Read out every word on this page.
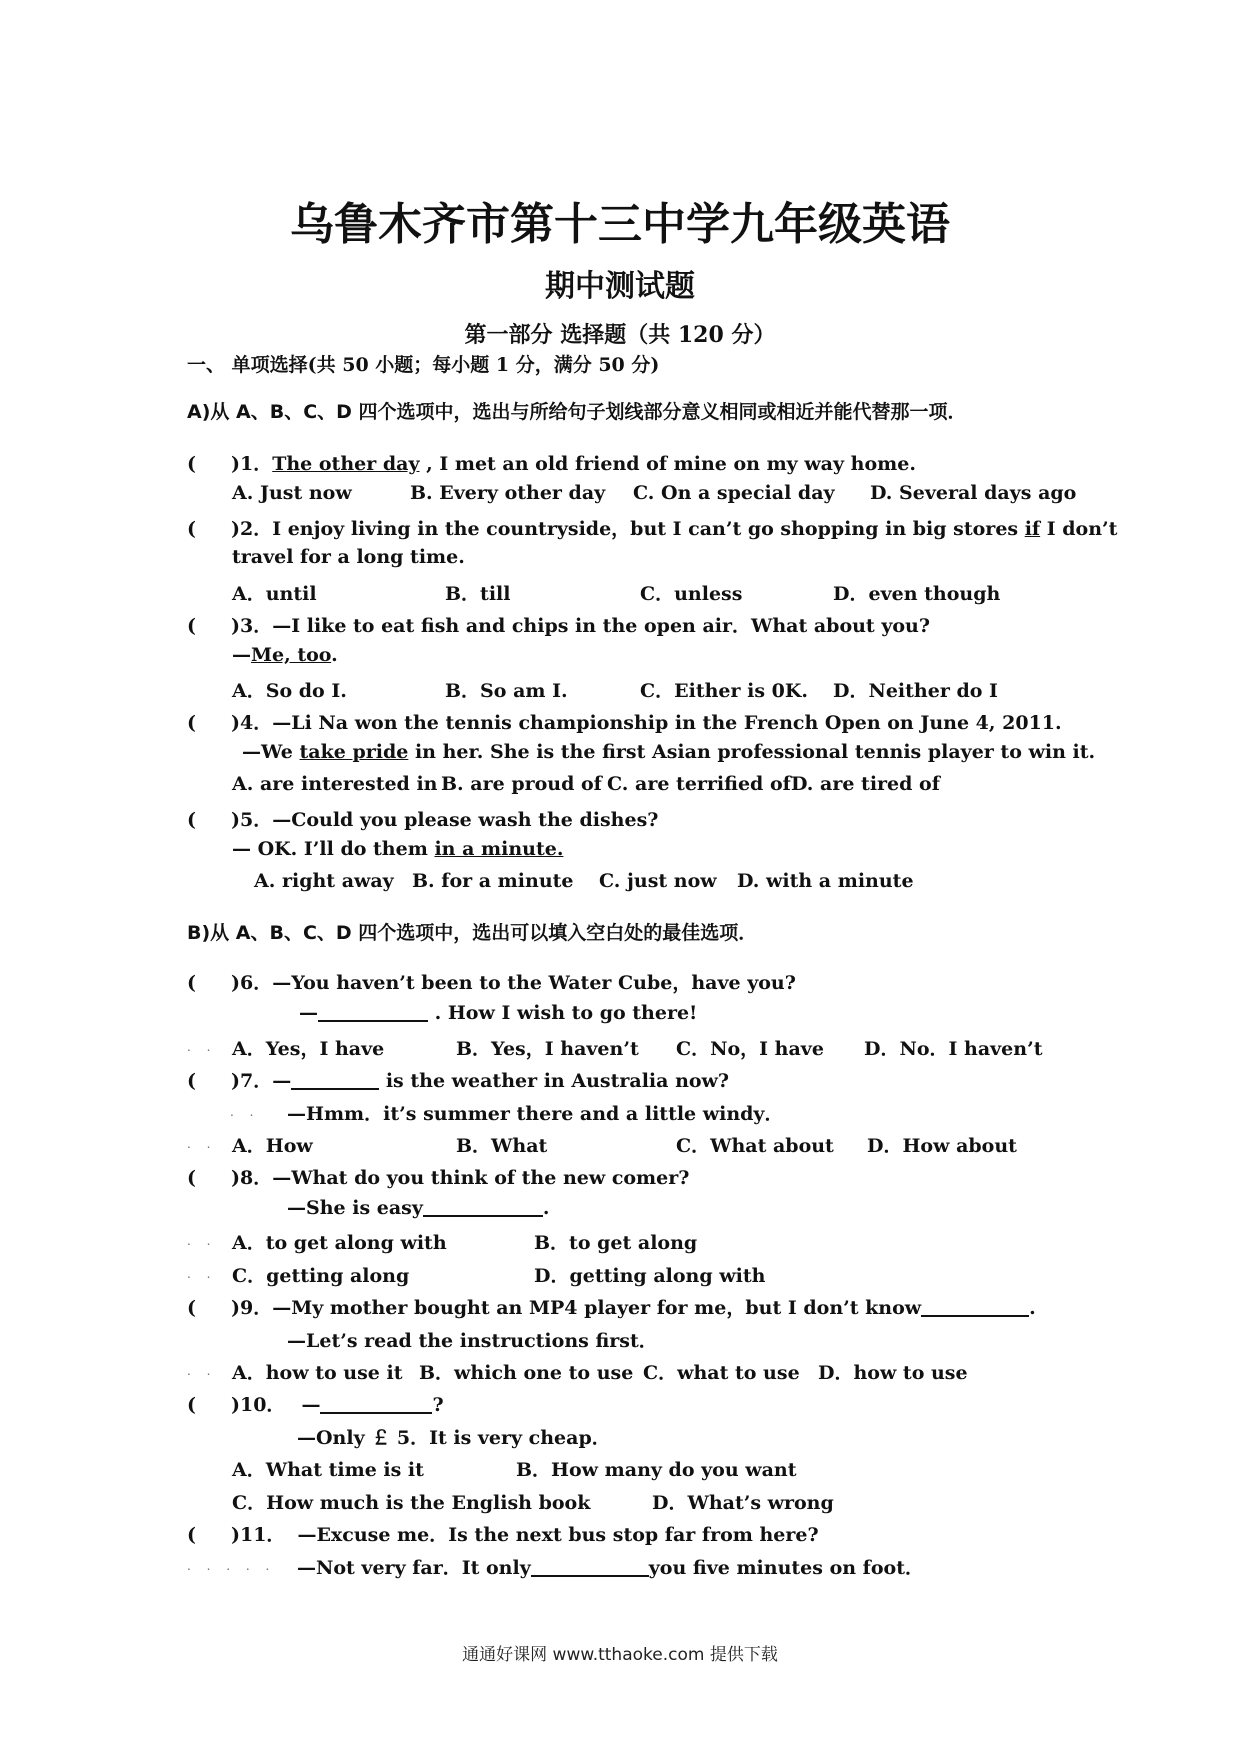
乌鲁木齐市第十三中学九年级英语
期中测试题
第一部分 选择题（共 120 分）
一、 单项选择(共 50 小题；每小题 1 分，满分 50 分)
A)从 A、B、C、D 四个选项中，选出与所给句子划线部分意义相同或相近并能代替那一项．
( )1．The other day , I met an old friend of mine on my way home.
A. Just now	B. Every other day C. On a special day D. Several days ago
( )2．I enjoy living in the countryside，but I can’t go shopping in big stores if I don’t
travel for a long time.
A．until	B．till	C．unless	D．even though
( )3．—I like to eat fish and chips in the open air．What about you?
—Me, too.
A．So do I.	B．So am I.	C．Either is 0K. D．Neither do I
( )4．—Li Na won the tennis championship in the French Open on June 4, 2011.
—We take pride in her. She is the first Asian professional tennis player to win it.
A. are interested in B. are proud of C. are terrified of D. are tired of
( )5．—Could you please wash the dishes?
— OK. I’ll do them in a minute.
A. right away B. for a minute C. just now D. with a minute
B)从 A、B、C、D 四个选项中，选出可以填入空白处的最佳选项．
( )6．—You haven’t been to the Water Cube，have you?
—	. How I wish to go there!
. . A．Yes，I have	B．Yes，I haven’t C．No，I have D．No．I haven’t
( )7．—	is the weather in Australia now?
. . —Hmm．it’s summer there and a little windy．
. . A．How	B．What	C．What about D．How about
( )8．—What do you think of the new comer?
—She is easy	.
. . A．to get along with	B．to get along
. . C．getting along	D．getting along with
( )9．—My mother bought an MP4 player for me，but I don’t know	.
—Let’s read the instructions first．
. . A．how to use it B．which one to use C．what to use D．how to use
( )10． —	?
—Only ￡ 5．It is very cheap．
A．What time is it	B．How many do you want
C．How much is the English book	D．What’s wrong
( )11． —Excuse me．Is the next bus stop far from here?
. . . . . —Not very far．It only	you five minutes on foot．
通通好课网 www.tthaoke.com 提供下载
